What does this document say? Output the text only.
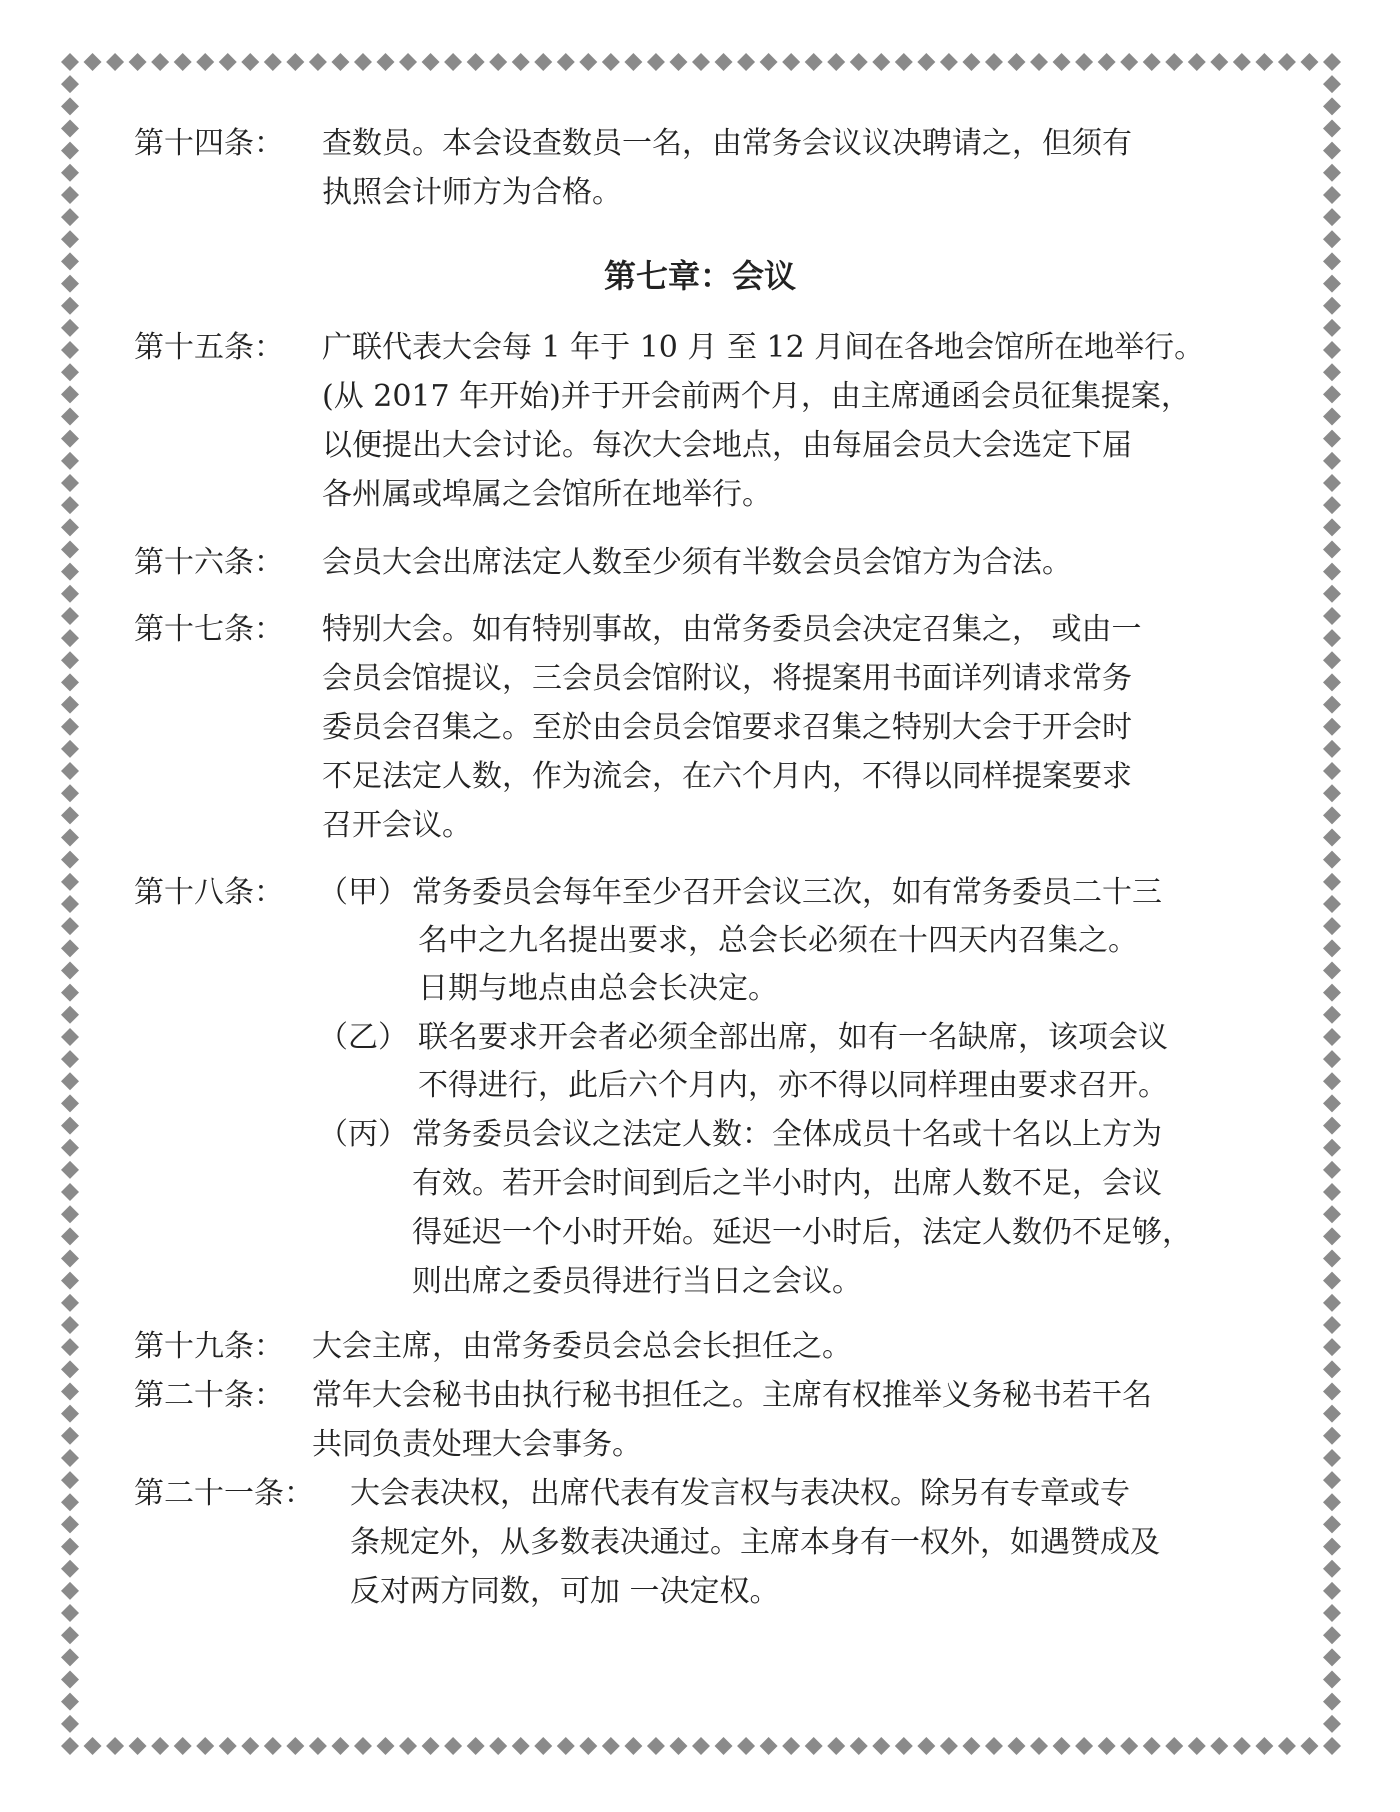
第十四条： 查数员。本会设查数员一名，由常务会议议决聘请之，但须有
执照会计师方为合格。
第七章：会议
第十五条： 广联代表大会每 1 年于 10 月 至 12 月间在各地会馆所在地举行。
(从 2017 年开始)并于开会前两个月，由主席通函会员征集提案，
以便提出大会讨论。每次大会地点，由每届会员大会选定下届
各州属或埠属之会馆所在地举行。
第十六条： 会员大会出席法定人数至少须有半数会员会馆方为合法。
第十七条： 特别大会。如有特别事故，由常务委员会决定召集之， 或由一
会员会馆提议，三会员会馆附议，将提案用书面详列请求常务
委员会召集之。至於由会员会馆要求召集之特别大会于开会时
不足法定人数，作为流会，在六个月内，不得以同样提案要求
召开会议。
第十八条： （甲） 常务委员会每年至少召开会议三次，如有常务委员二十三
名中之九名提出要求，总会长必须在十四天内召集之。
日期与地点由总会长决定。
（乙） 联名要求开会者必须全部出席，如有一名缺席，该项会议
不得进行，此后六个月内，亦不得以同样理由要求召开。
（丙） 常务委员会议之法定人数：全体成员十名或十名以上方为
有效。若开会时间到后之半小时内，出席人数不足，会议
得延迟一个小时开始。延迟一小时后，法定人数仍不足够，
则出席之委员得进行当日之会议。
第十九条： 大会主席，由常务委员会总会长担任之。
第二十条： 常年大会秘书由执行秘书担任之。主席有权推举义务秘书若干名
共同负责处理大会事务。
第二十一条： 大会表决权，出席代表有发言权与表决权。除另有专章或专
条规定外，从多数表决通过。主席本身有一权外，如遇赞成及
反对两方同数，可加 一决定权。
